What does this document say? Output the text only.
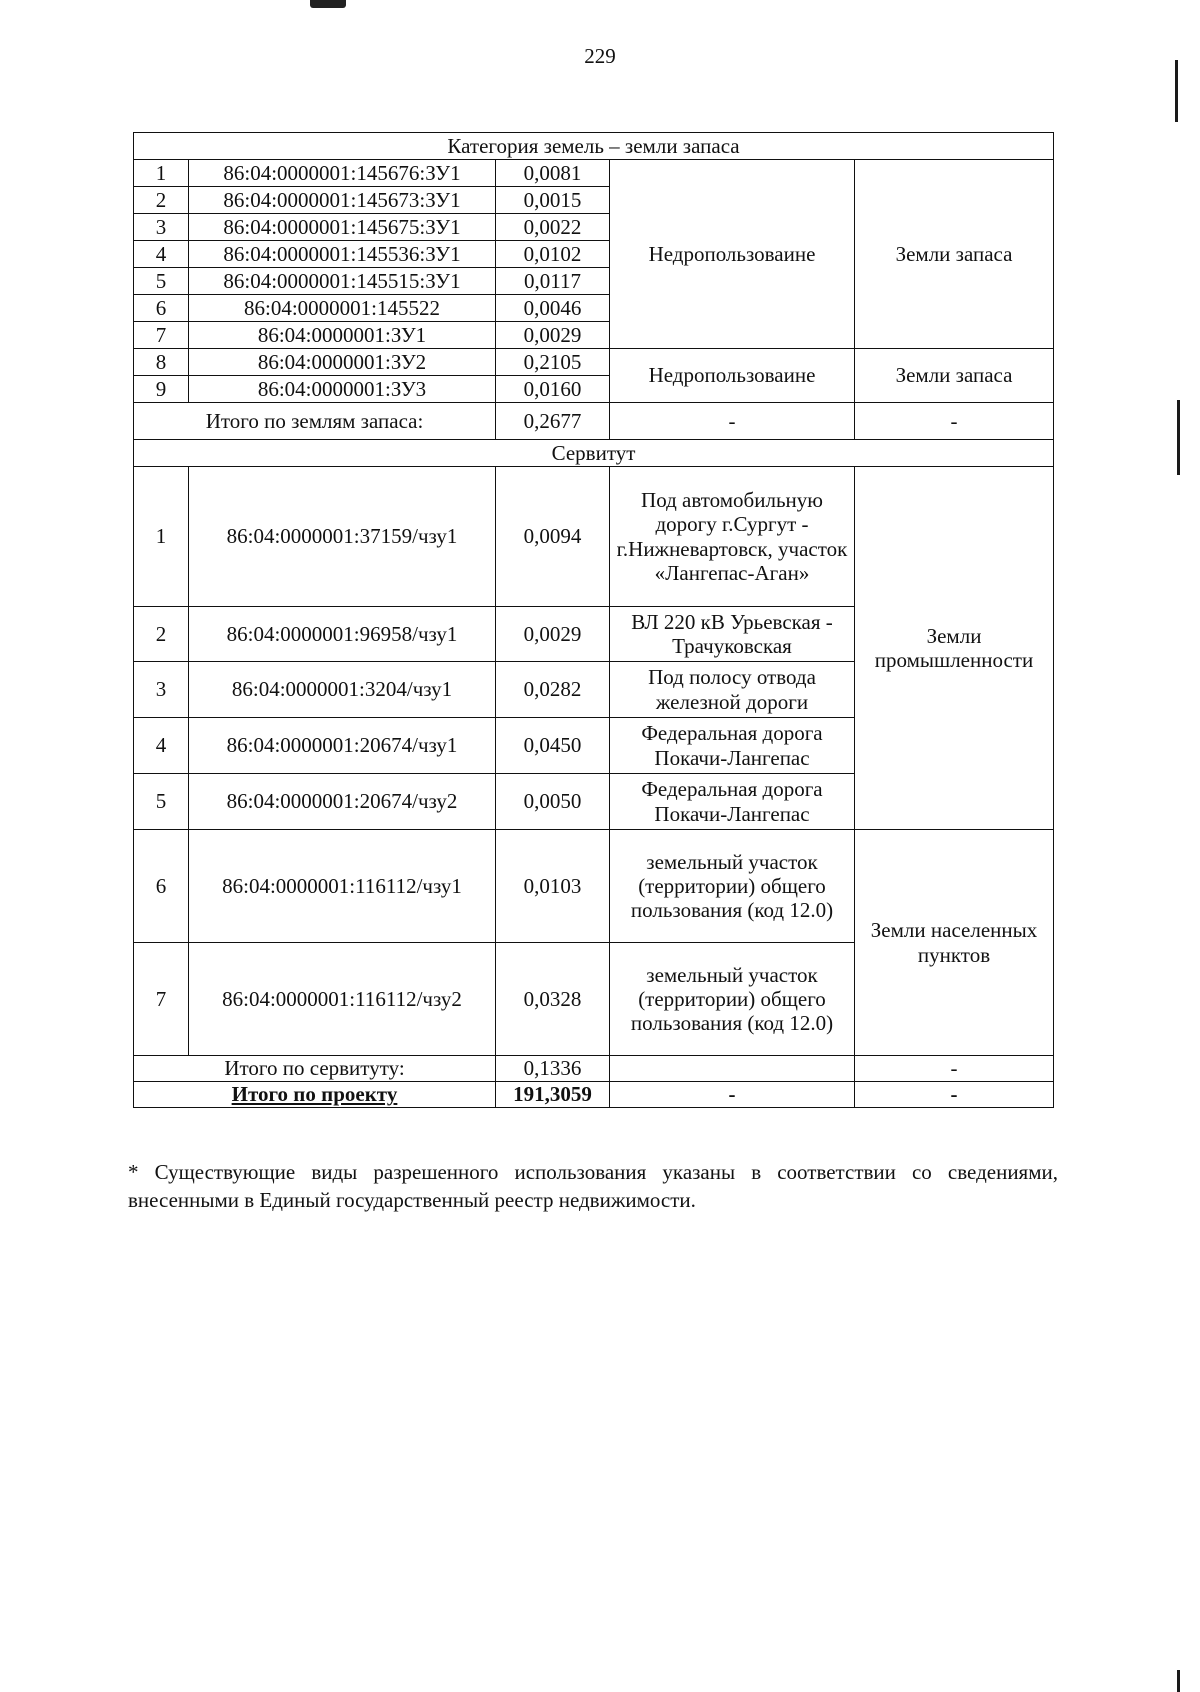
229
Категория земель – земли запаса				
1	86:04:0000001:145676:ЗУ1	0,0081	Недропользоваине	Земли запаса
2	86:04:0000001:145673:ЗУ1	0,0015		
3	86:04:0000001:145675:ЗУ1	0,0022		
4	86:04:0000001:145536:ЗУ1	0,0102		
5	86:04:0000001:145515:ЗУ1	0,0117		
6	86:04:0000001:145522	0,0046		
7	86:04:0000001:ЗУ1	0,0029		
8	86:04:0000001:ЗУ2	0,2105	Недропользоваине	Земли запаса
9	86:04:0000001:ЗУ3	0,0160		
Итого по землям запаса:		0,2677	-	-
Сервитут				
1	86:04:0000001:37159/чзу1	0,0094	Под автомобильную дорогу г.Сургут - г.Нижневартовск, участок «Лангепас-Аган»	Земли промышленности
2	86:04:0000001:96958/чзу1	0,0029	ВЛ 220 кВ Урьевская - Трачуковская	
3	86:04:0000001:3204/чзу1	0,0282	Под полосу отвода железной дороги	
4	86:04:0000001:20674/чзу1	0,0450	Федеральная дорога Покачи-Лангепас	
5	86:04:0000001:20674/чзу2	0,0050	Федеральная дорога Покачи-Лангепас	
6	86:04:0000001:116112/чзу1	0,0103	земельный участок (территории) общего пользования (код 12.0)	Земли населенных пунктов
7	86:04:0000001:116112/чзу2	0,0328	земельный участок (территории) общего пользования (код 12.0)	
Итого по сервитуту:		0,1336		-
Итого по проекту		191,3059	-	-
* Существующие виды разрешенного использования указаны в соответствии со сведениями, внесенными в Единый государственный реестр недвижимости.
